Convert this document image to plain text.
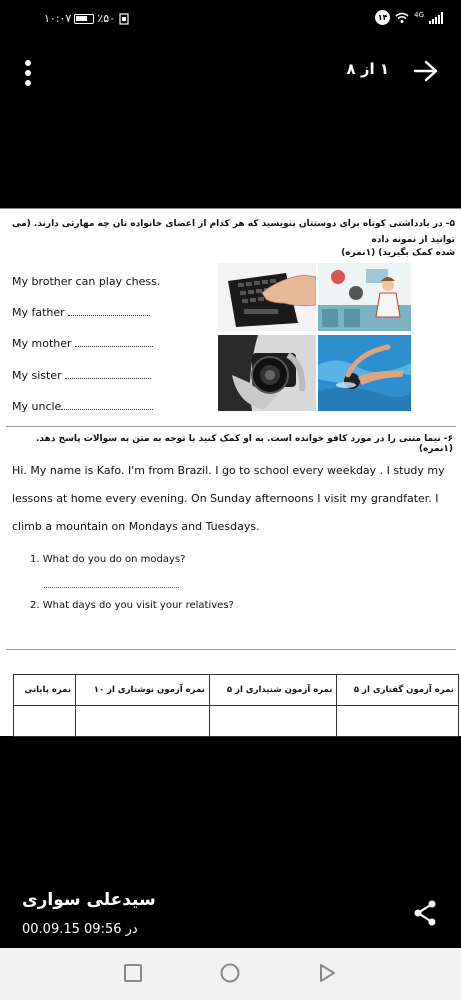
۱۰:۰۷ ٪۵۰	۱۴	4G
۱ از ۸
۵- در یادداشتی کوتاه برای دوستتان بنویسید که هر کدام از اعضای خانواده تان چه مهارتی دارند. (می توانید از نمونه داده
شده کمک بگیرید) (۱نمره)
My brother can play chess.
My father
My mother
My sister
My uncle
۶- نیما متنی را در مورد کافو خوانده است. به او کمک کنید با توجه به متن به سوالات پاسخ دهد. (۱نمره)
Hi. My name is Kafo. I'm from Brazil. I go to school every weekday . I study my lessons at home every evening. On Sunday afternoons I visit my grandfater. I climb a mountain on Mondays and Tuesdays.
1. What do you do on modays?
2. What days do you visit your relatives?
نمره پایانی	نمره آزمون نوشتاری از ۱۰	نمره آزمون شنیداری از ۵	نمره آزمون گفتاری از ۵

سیدعلی سواری
00.09.15 در 09:56
